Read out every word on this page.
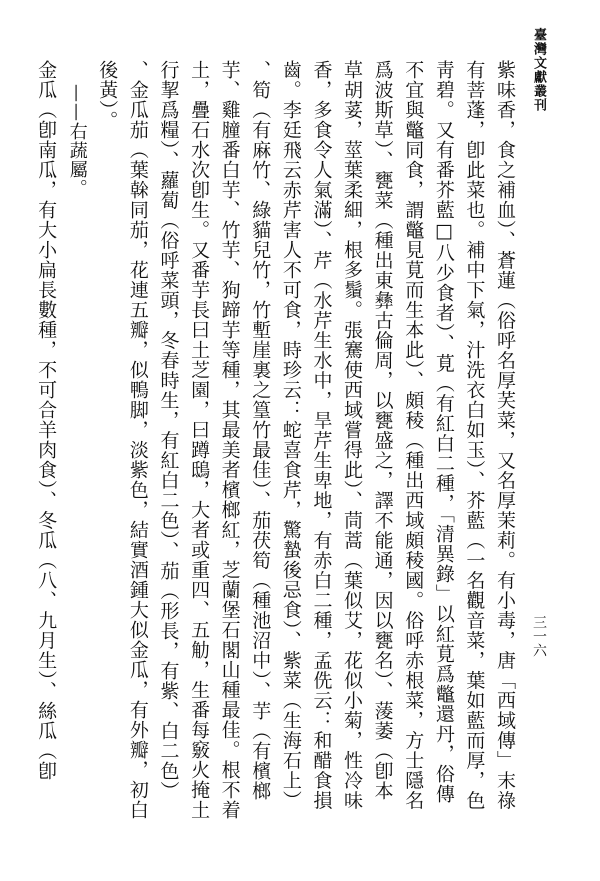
臺灣文獻叢刊
三一六
紫味香，食之補血）、蒼蓮（俗呼名厚芺菜，又名厚茉莉。有小毒，唐「西域傳」末祿
有菩蓬，卽此菜也。補中下氣，汁洗衣白如玉）、芥藍（一名觀音菜，葉如藍而厚，色
靑碧。又有番芥藍□八少食者）、莧（有紅白二種，「清異錄」以紅莧爲鼈還丹，俗傳
不宜與鼈同食，謂鼈見莧而生本此）、頗稜（種出西域頗稜國。俗呼赤根菜，方士隱名
爲波斯草）、甕菜（種出東彝古倫周，以甕盛之，譯不能通，因以甕名）、蔆萎（卽本
草胡荽，莖葉柔細，根多鬚。張騫使西域嘗得此）、茼蒿（葉似艾，花似小菊，性冷味
香，多食令人氣滿）、芹（水芹生水中，旱芹生卑地，有赤白二種，孟侁云：和醋食損
齒。李廷飛云赤芹害人不可食，時珍云：蛇喜食芹，驚蟄後忌食）、紫菜（生海石上）
、筍（有麻竹、綠貓兒竹，竹塹崖裏之篁竹最佳）、茄茯筍（種池沼中）、芋（有檳榔
芋、雞膧番白芋、竹芋、狗蹄芋等種，其最美者檳榔紅，芝蘭堡石閣山種最佳。根不着
土，疊石水次卽生。又番芋長曰土芝園，曰蹲鴟，大者或重四、五觔，生番每竅火掩土
行挈爲糧）、蘿蔔（俗呼菜頭，冬春時生，有紅白二色）、茄（形長，有紫、白二色）
、金瓜茄（葉榦同茄，花連五瓣，似鴨脚，淡紫色，結實酒鍾大似金瓜，有外瓣，初白
後黃）。
——右蔬屬。
金瓜（卽南瓜，有大小扁長數種，不可合羊肉食）、冬瓜（八、九月生）、絲瓜（卽
